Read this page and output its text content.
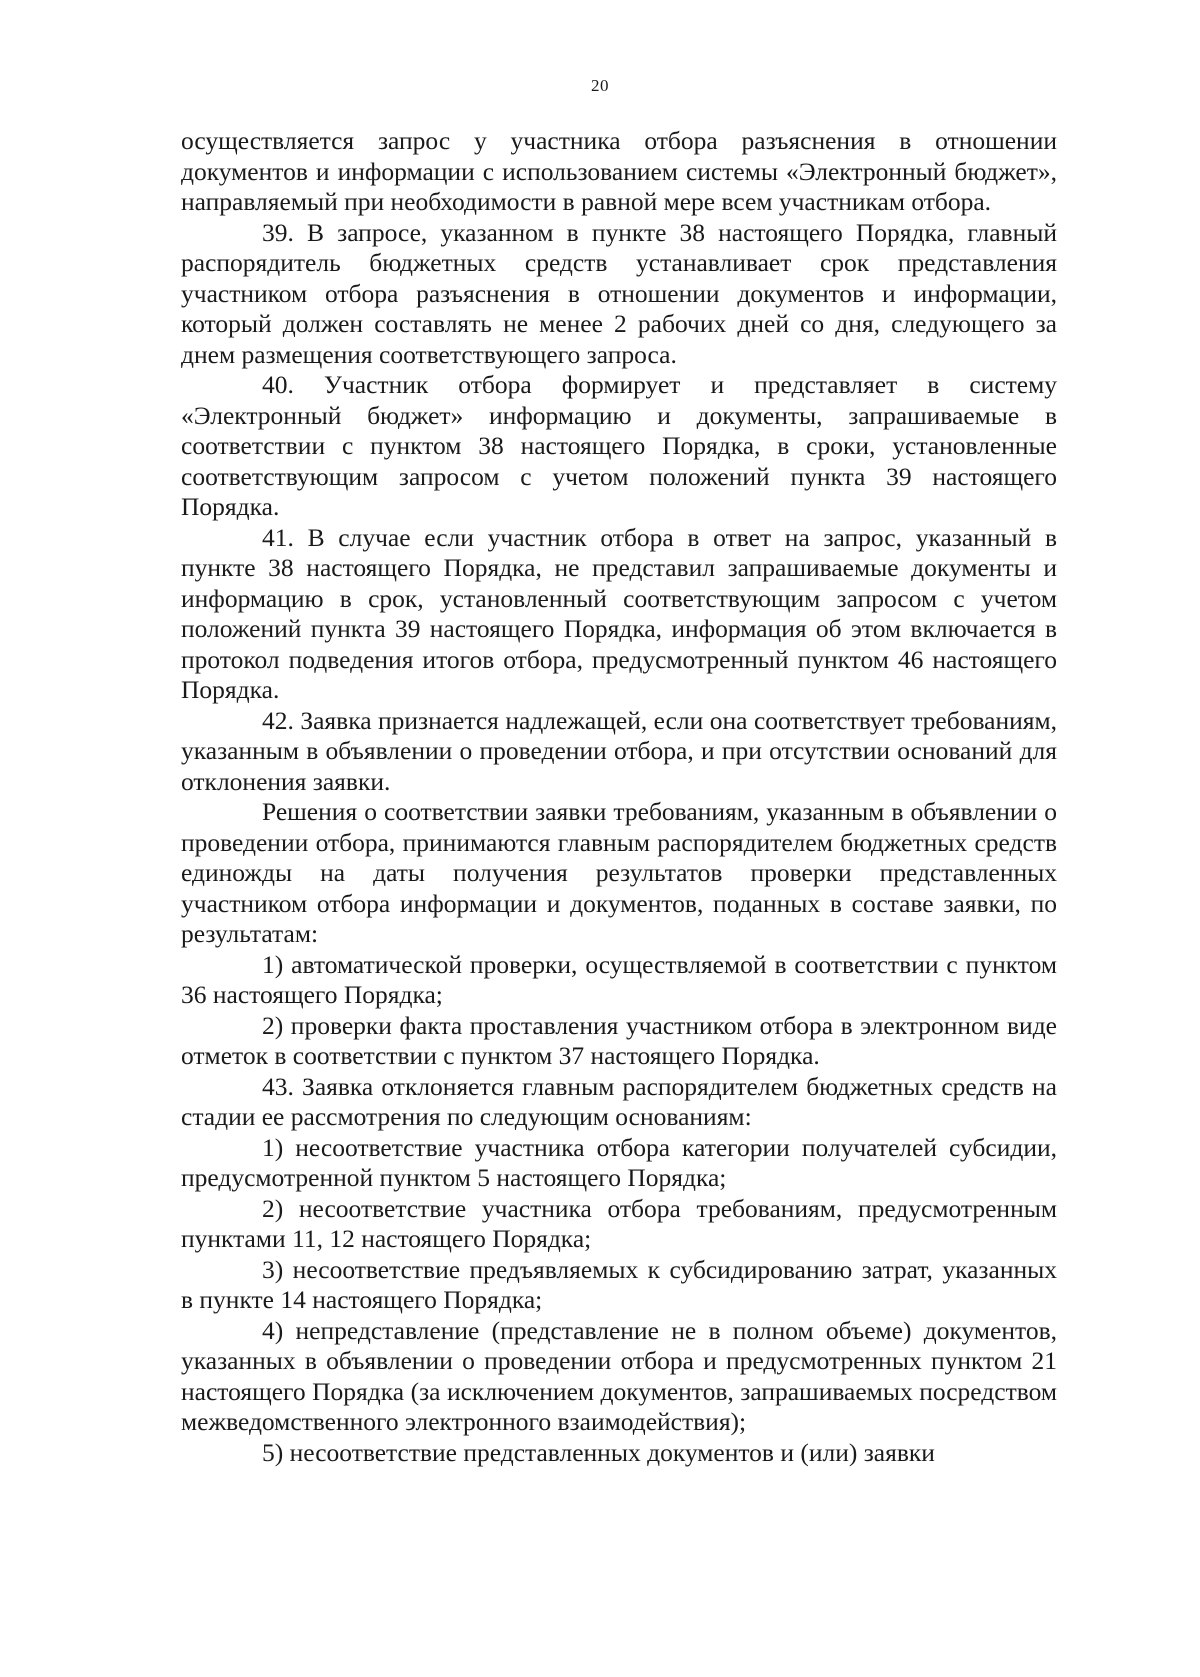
20

осуществляется запрос у участника отбора разъяснения в отношении документов и информации с использованием системы «Электронный бюджет», направляемый при необходимости в равной мере всем участникам отбора.

39. В запросе, указанном в пункте 38 настоящего Порядка, главный распорядитель бюджетных средств устанавливает срок представления участником отбора разъяснения в отношении документов и информации, который должен составлять не менее 2 рабочих дней со дня, следующего за днем размещения соответствующего запроса.

40. Участник отбора формирует и представляет в систему «Электронный бюджет» информацию и документы, запрашиваемые в соответствии с пунктом 38 настоящего Порядка, в сроки, установленные соответствующим запросом с учетом положений пункта 39 настоящего Порядка.

41. В случае если участник отбора в ответ на запрос, указанный в пункте 38 настоящего Порядка, не представил запрашиваемые документы и информацию в срок, установленный соответствующим запросом с учетом положений пункта 39 настоящего Порядка, информация об этом включается в протокол подведения итогов отбора, предусмотренный пунктом 46 настоящего Порядка.

42. Заявка признается надлежащей, если она соответствует требованиям, указанным в объявлении о проведении отбора, и при отсутствии оснований для отклонения заявки.

Решения о соответствии заявки требованиям, указанным в объявлении о проведении отбора, принимаются главным распорядителем бюджетных средств единожды на даты получения результатов проверки представленных участником отбора информации и документов, поданных в составе заявки, по результатам:

1) автоматической проверки, осуществляемой в соответствии с пунктом 36 настоящего Порядка;

2) проверки факта проставления участником отбора в электронном виде отметок в соответствии с пунктом 37 настоящего Порядка.

43. Заявка отклоняется главным распорядителем бюджетных средств на стадии ее рассмотрения по следующим основаниям:

1) несоответствие участника отбора категории получателей субсидии, предусмотренной пунктом 5 настоящего Порядка;

2) несоответствие участника отбора требованиям, предусмотренным пунктами 11, 12 настоящего Порядка;

3) несоответствие предъявляемых к субсидированию затрат, указанных в пункте 14 настоящего Порядка;

4) непредставление (представление не в полном объеме) документов, указанных в объявлении о проведении отбора и предусмотренных пунктом 21 настоящего Порядка (за исключением документов, запрашиваемых посредством межведомственного электронного взаимодействия);

5) несоответствие представленных документов и (или) заявки
